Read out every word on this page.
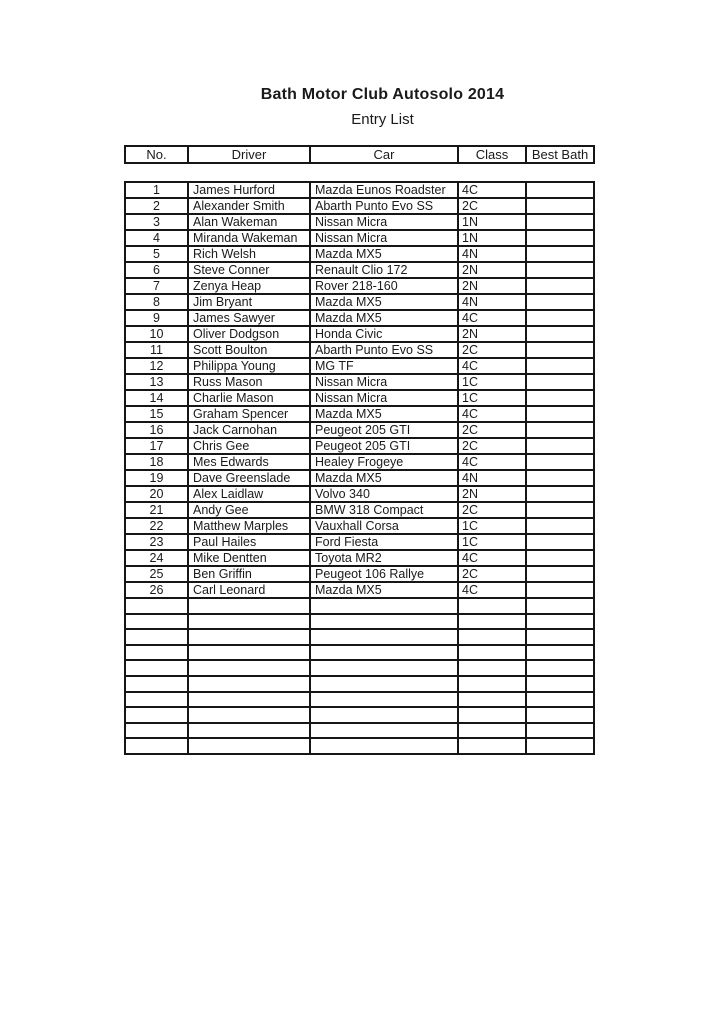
Bath Motor Club Autosolo 2014
Entry List
No.	Driver	Car	Class	Best Bath
1	James Hurford	Mazda Eunos Roadster	4C	
2	Alexander Smith	Abarth Punto Evo SS	2C	
3	Alan Wakeman	Nissan Micra	1N	
4	Miranda Wakeman	Nissan Micra	1N	
5	Rich Welsh	Mazda MX5	4N	
6	Steve Conner	Renault Clio 172	2N	
7	Zenya Heap	Rover 218-160	2N	
8	Jim Bryant	Mazda MX5	4N	
9	James Sawyer	Mazda MX5	4C	
10	Oliver Dodgson	Honda Civic	2N	
11	Scott Boulton	Abarth Punto Evo SS	2C	
12	Philippa Young	MG TF	4C	
13	Russ Mason	Nissan Micra	1C	
14	Charlie Mason	Nissan Micra	1C	
15	Graham Spencer	Mazda MX5	4C	
16	Jack Carnohan	Peugeot 205 GTI	2C	
17	Chris Gee	Peugeot 205 GTI	2C	
18	Mes Edwards	Healey Frogeye	4C	
19	Dave Greenslade	Mazda MX5	4N	
20	Alex Laidlaw	Volvo 340	2N	
21	Andy Gee	BMW 318 Compact	2C	
22	Matthew Marples	Vauxhall Corsa	1C	
23	Paul Hailes	Ford Fiesta	1C	
24	Mike Dentten	Toyota MR2	4C	
25	Ben Griffin	Peugeot 106 Rallye	2C	
26	Carl Leonard	Mazda MX5	4C	
